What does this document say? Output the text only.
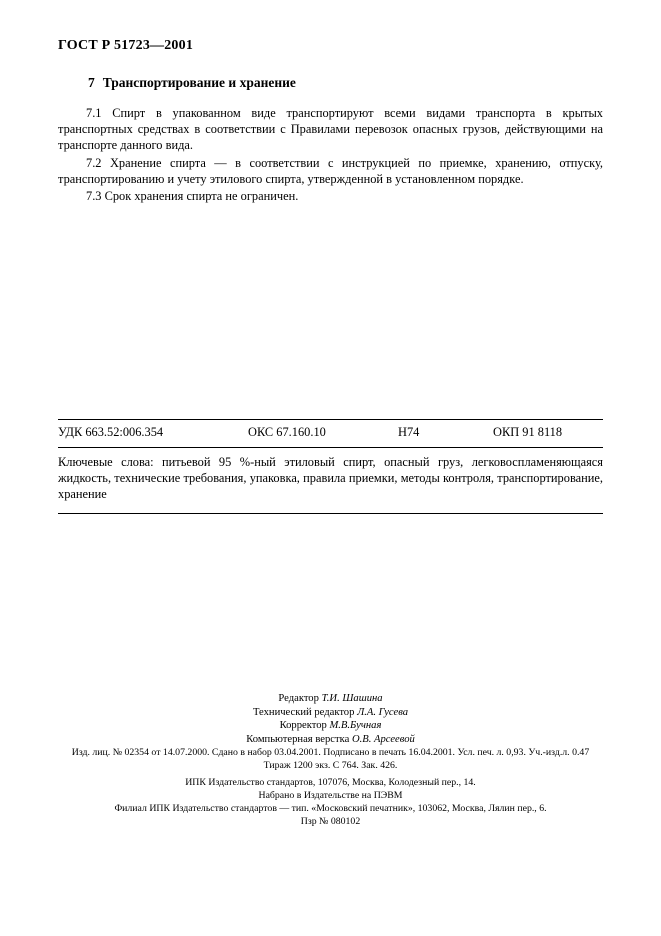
ГОСТ Р 51723—2001
7 Транспортирование и хранение

7.1 Спирт в упакованном виде транспортируют всеми видами транспорта в крытых транспортных средствах в соответствии с Правилами перевозок опасных грузов, действующими на транспорте данного вида.

7.2 Хранение спирта — в соответствии с инструкцией по приемке, хранению, отпуску, транспортированию и учету этилового спирта, утвержденной в установленном порядке.

7.3 Срок хранения спирта не ограничен.

УДК 663.52:006.354	ОКС 67.160.10	Н74	ОКП 91 8118
Ключевые слова: питьевой 95 %-ный этиловый спирт, опасный груз, легковоспламеняющаяся жидкость, технические требования, упаковка, правила приемки, методы контроля, транспортирование, хранение
Редактор Т.И. Шашина
Технический редактор Л.А. Гусева
Корректор М.В.Бучная
Компьютерная верстка О.В. Арсеевой
Изд. лиц. № 02354 от 14.07.2000. Сдано в набор 03.04.2001. Подписано в печать 16.04.2001. Усл. печ. л. 0,93. Уч.-изд.л. 0.47
Тираж 1200 экз. С 764. Зак. 426.
ИПК Издательство стандартов, 107076, Москва, Колодезный пер., 14.
Набрано в Издательстве на ПЭВМ
Филиал ИПК Издательство стандартов — тип. «Московский печатник», 103062, Москва, Лялин пер., 6.
Пзр № 080102
